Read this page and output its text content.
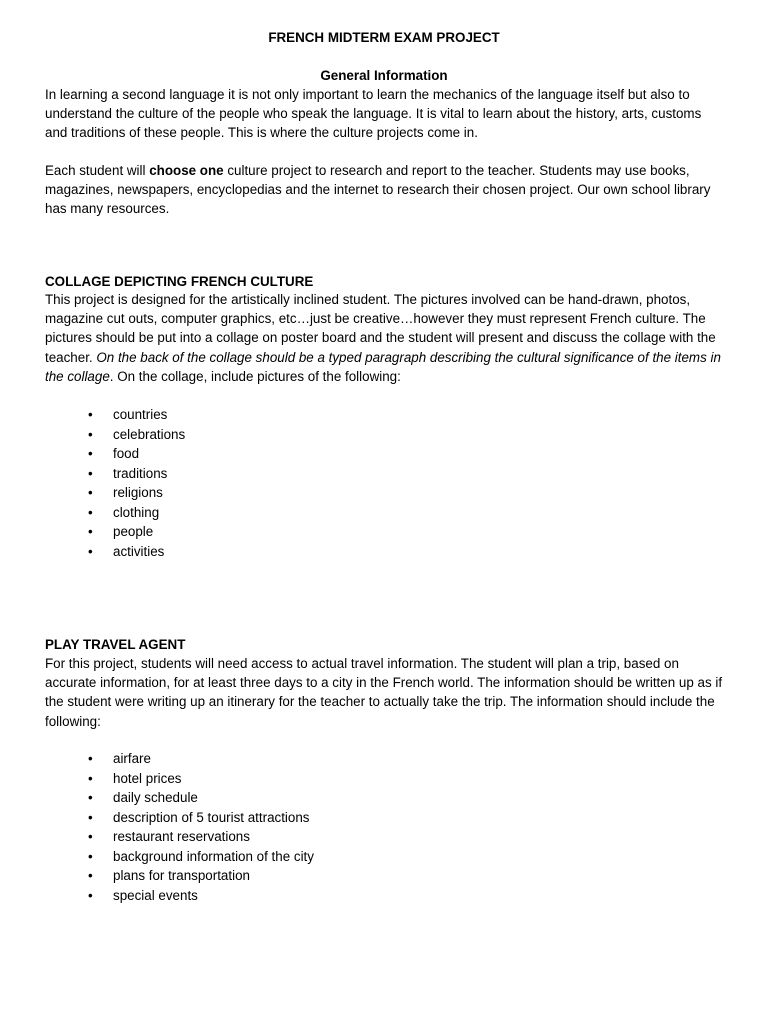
FRENCH MIDTERM EXAM PROJECT
General Information

In learning a second language it is not only important to learn the mechanics of the language itself but also to understand the culture of the people who speak the language. It is vital to learn about the history, arts, customs and traditions of these people. This is where the culture projects come in.

Each student will choose one culture project to research and report to the teacher. Students may use books, magazines, newspapers, encyclopedias and the internet to research their chosen project. Our own school library has many resources.

COLLAGE DEPICTING FRENCH CULTURE

This project is designed for the artistically inclined student. The pictures involved can be hand-drawn, photos, magazine cut outs, computer graphics, etc…just be creative…however they must represent French culture. The pictures should be put into a collage on poster board and the student will present and discuss the collage with the teacher. On the back of the collage should be a typed paragraph describing the cultural significance of the items in the collage. On the collage, include pictures of the following:

• countries
• celebrations
• food
• traditions
• religions
• clothing
• people
• activities
PLAY TRAVEL AGENT

For this project, students will need access to actual travel information. The student will plan a trip, based on accurate information, for at least three days to a city in the French world. The information should be written up as if the student were writing up an itinerary for the teacher to actually take the trip. The information should include the following:

• airfare
• hotel prices
• daily schedule
• description of 5 tourist attractions
• restaurant reservations
• background information of the city
• plans for transportation
• special events
